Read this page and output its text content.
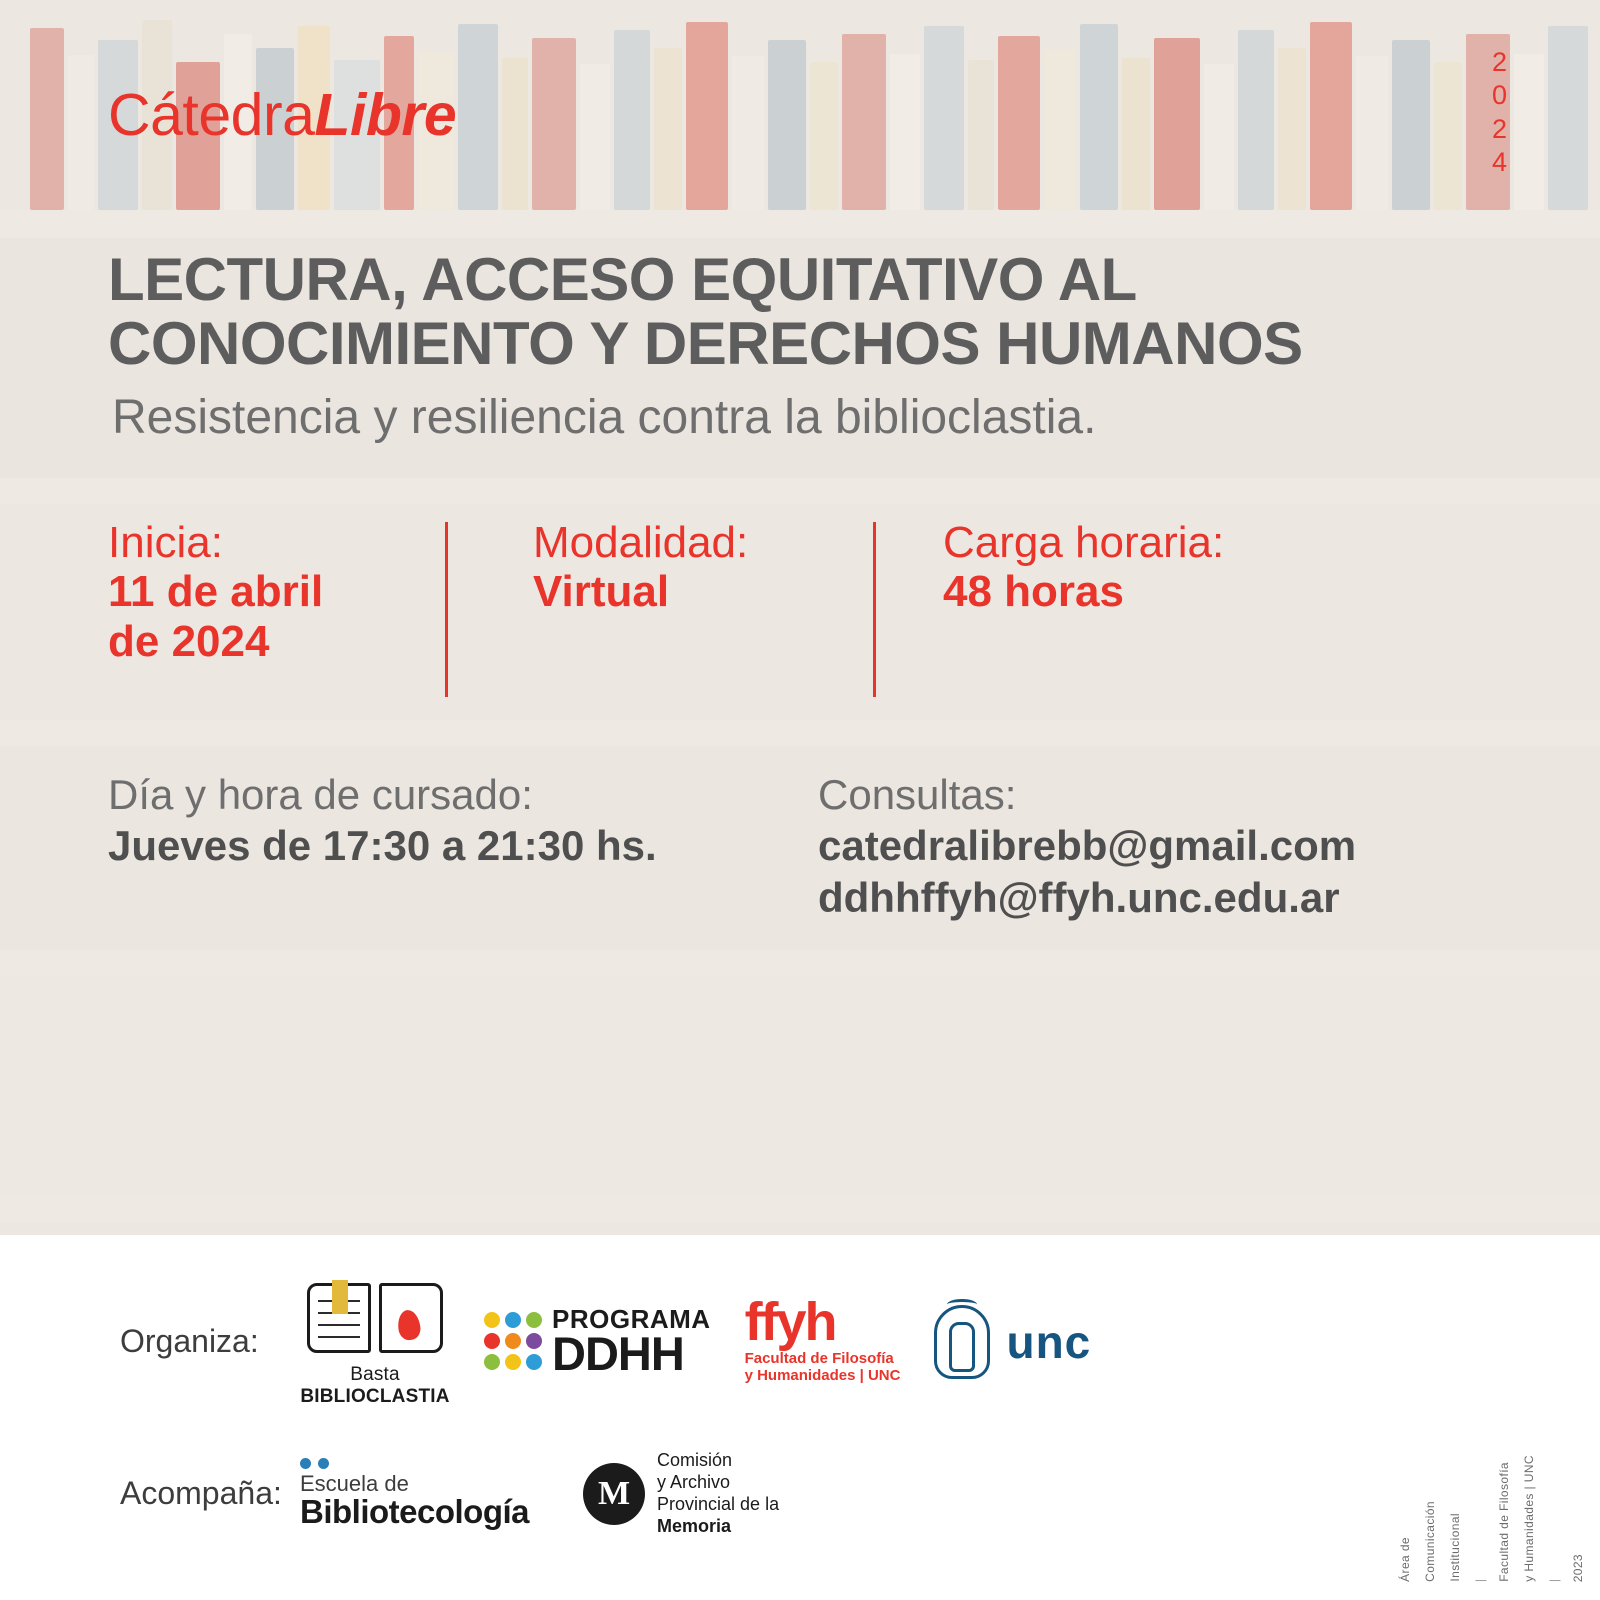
CátedraLibre
2
0
2
4
LECTURA, ACCESO EQUITATIVO AL CONOCIMIENTO Y DERECHOS HUMANOS
Resistencia y resiliencia contra la biblioclastia.
Inicia:
11 de abril
de 2024
Modalidad:
Virtual
Carga horaria:
48 horas
Día y hora de cursado:
Jueves de 17:30 a 21:30 hs.
Consultas:
catedralibrebb@gmail.com
ddhhffyh@ffyh.unc.edu.ar
Organiza:
Basta BIBLIOCLASTIA
PROGRAMA
DDHH
ffyh
Facultad de Filosofía
y Humanidades | UNC
unc
Acompaña: Escuela de
Bibliotecología	M
Comisión
y Archivo
Provincial de la
Memoria
Área de Comunicación Institucional | Facultad de Filosofía y Humanidades | UNC | 2023
